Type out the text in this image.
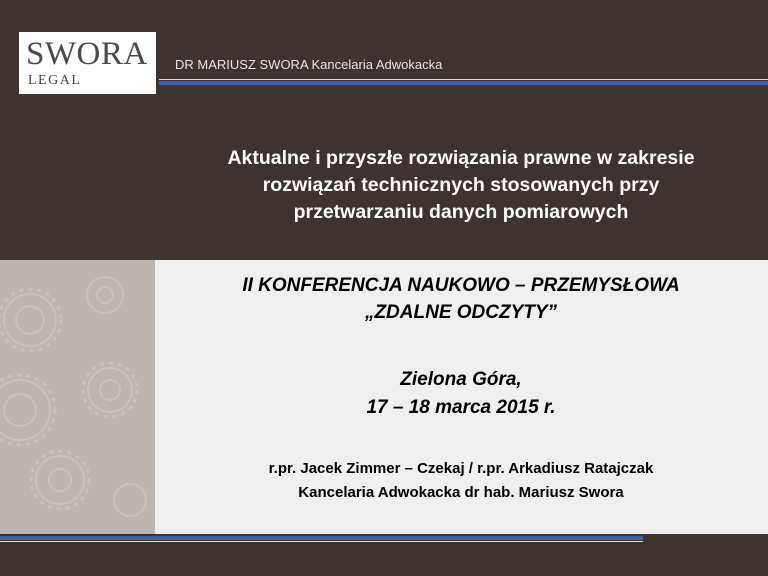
SWORA
LEGAL
DR MARIUSZ SWORA Kancelaria Adwokacka
Aktualne i przyszłe rozwiązania prawne w zakresie
rozwiązań technicznych stosowanych przy
przetwarzaniu danych pomiarowych
II KONFERENCJA NAUKOWO – PRZEMYSŁOWA
„ZDALNE ODCZYTY”
Zielona Góra,
17 – 18 marca 2015 r.
r.pr. Jacek Zimmer – Czekaj / r.pr. Arkadiusz Ratajczak
Kancelaria Adwokacka dr hab. Mariusz Swora
